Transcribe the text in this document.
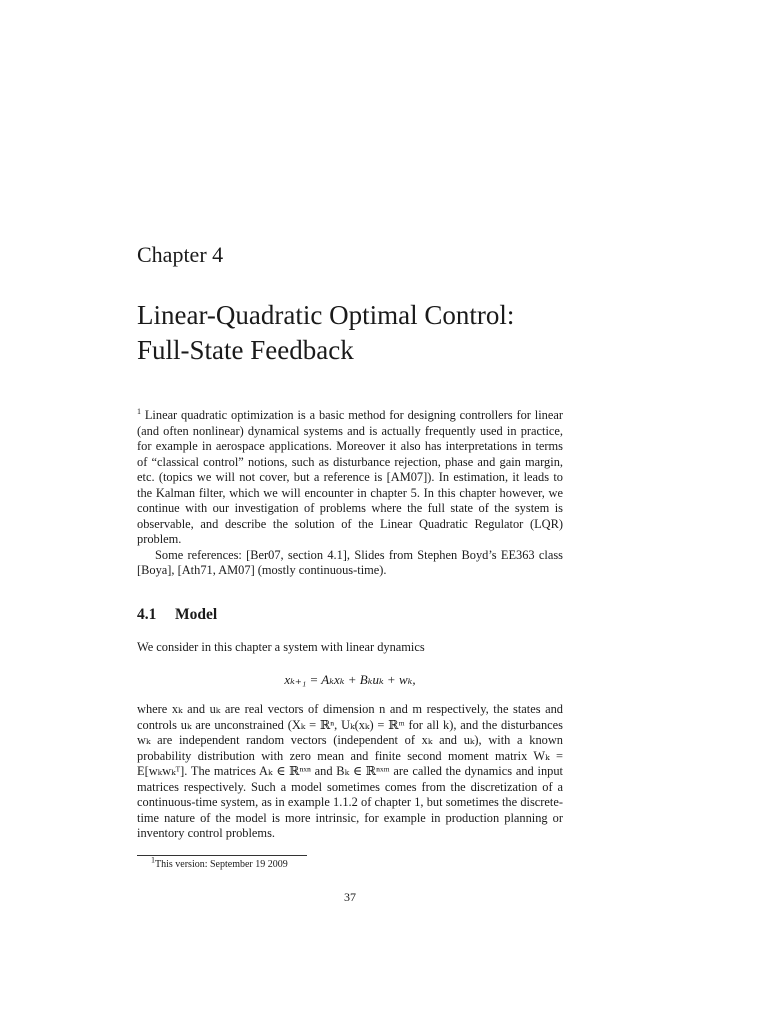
Chapter 4
Linear-Quadratic Optimal Control:
Full-State Feedback

$^1$ Linear quadratic optimization is a basic method for designing controllers for linear (and often nonlinear) dynamical systems and is actually frequently used in practice, for example in aerospace applications. Moreover it also has interpretations in terms of “classical control” notions, such as disturbance rejection, phase and gain margin, etc. (topics we will not cover, but a reference is [AM07]). In estimation, it leads to the Kalman filter, which we will encounter in chapter 5. In this chapter however, we continue with our investigation of problems where the full state of the system is observable, and describe the solution of the Linear Quadratic Regulator (LQR) problem.

Some references: [Ber07, section 4.1], Slides from Stephen Boyd’s EE363 class [Boya], [Ath71, AM07] (mostly continuous-time).

4.1 Model
We consider in this chapter a system with linear dynamics
xₖ₊₁ = Aₖxₖ + Bₖuₖ + wₖ,

where xₖ and uₖ are real vectors of dimension n and m respectively, the states and controls uₖ are unconstrained (Xₖ = ℝⁿ, Uₖ(xₖ) = ℝᵐ for all k), and the disturbances wₖ are independent random vectors (independent of xₖ and uₖ), with a known probability distribution with zero mean and finite second moment matrix Wₖ = E[wₖwₖᵀ]. The matrices Aₖ ∈ ℝⁿˣⁿ and Bₖ ∈ ℝⁿˣᵐ are called the dynamics and input matrices respectively. Such a model sometimes comes from the discretization of a continuous-time system, as in example 1.1.2 of chapter 1, but sometimes the discrete-time nature of the model is more intrinsic, for example in production planning or inventory control problems.

$^1$This version: September 19 2009
37
